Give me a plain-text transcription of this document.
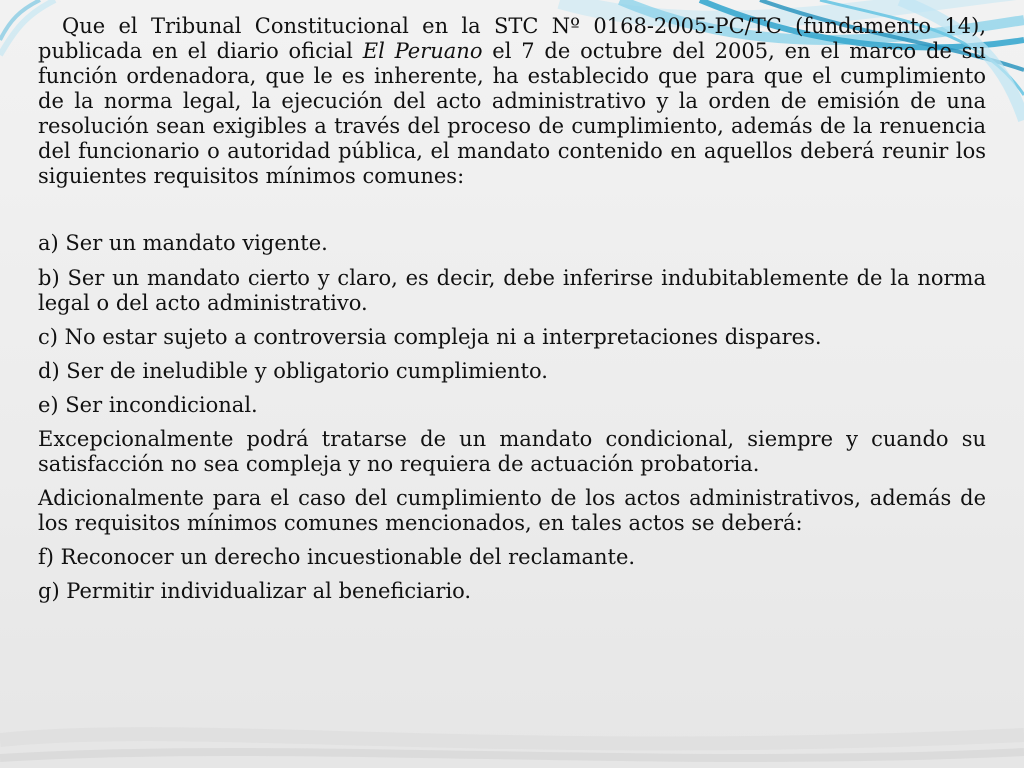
Que el Tribunal Constitucional en la STC Nº 0168-2005-PC/TC (fundamento 14), publicada en el diario oficial El Peruano el 7 de octubre del 2005, en el marco de su función ordenadora, que le es inherente, ha establecido que para que el cumplimiento de la norma legal, la ejecución del acto administrativo y la orden de emisión de una resolución sean exigibles a través del proceso de cumplimiento, además de la renuencia del funcionario o autoridad pública, el mandato contenido en aquellos deberá reunir los siguientes requisitos mínimos comunes:

a) Ser un mandato vigente.

b) Ser un mandato cierto y claro, es decir, debe inferirse indubitablemente de la norma legal o del acto administrativo.

c) No estar sujeto a controversia compleja ni a interpretaciones dispares.

d) Ser de ineludible y obligatorio cumplimiento.

e) Ser incondicional.

Excepcionalmente podrá tratarse de un mandato condicional, siempre y cuando su satisfacción no sea compleja y no requiera de actuación probatoria.

Adicionalmente para el caso del cumplimiento de los actos administrativos, además de los requisitos mínimos comunes mencionados, en tales actos se deberá:

f) Reconocer un derecho incuestionable del reclamante.

g) Permitir individualizar al beneficiario.
